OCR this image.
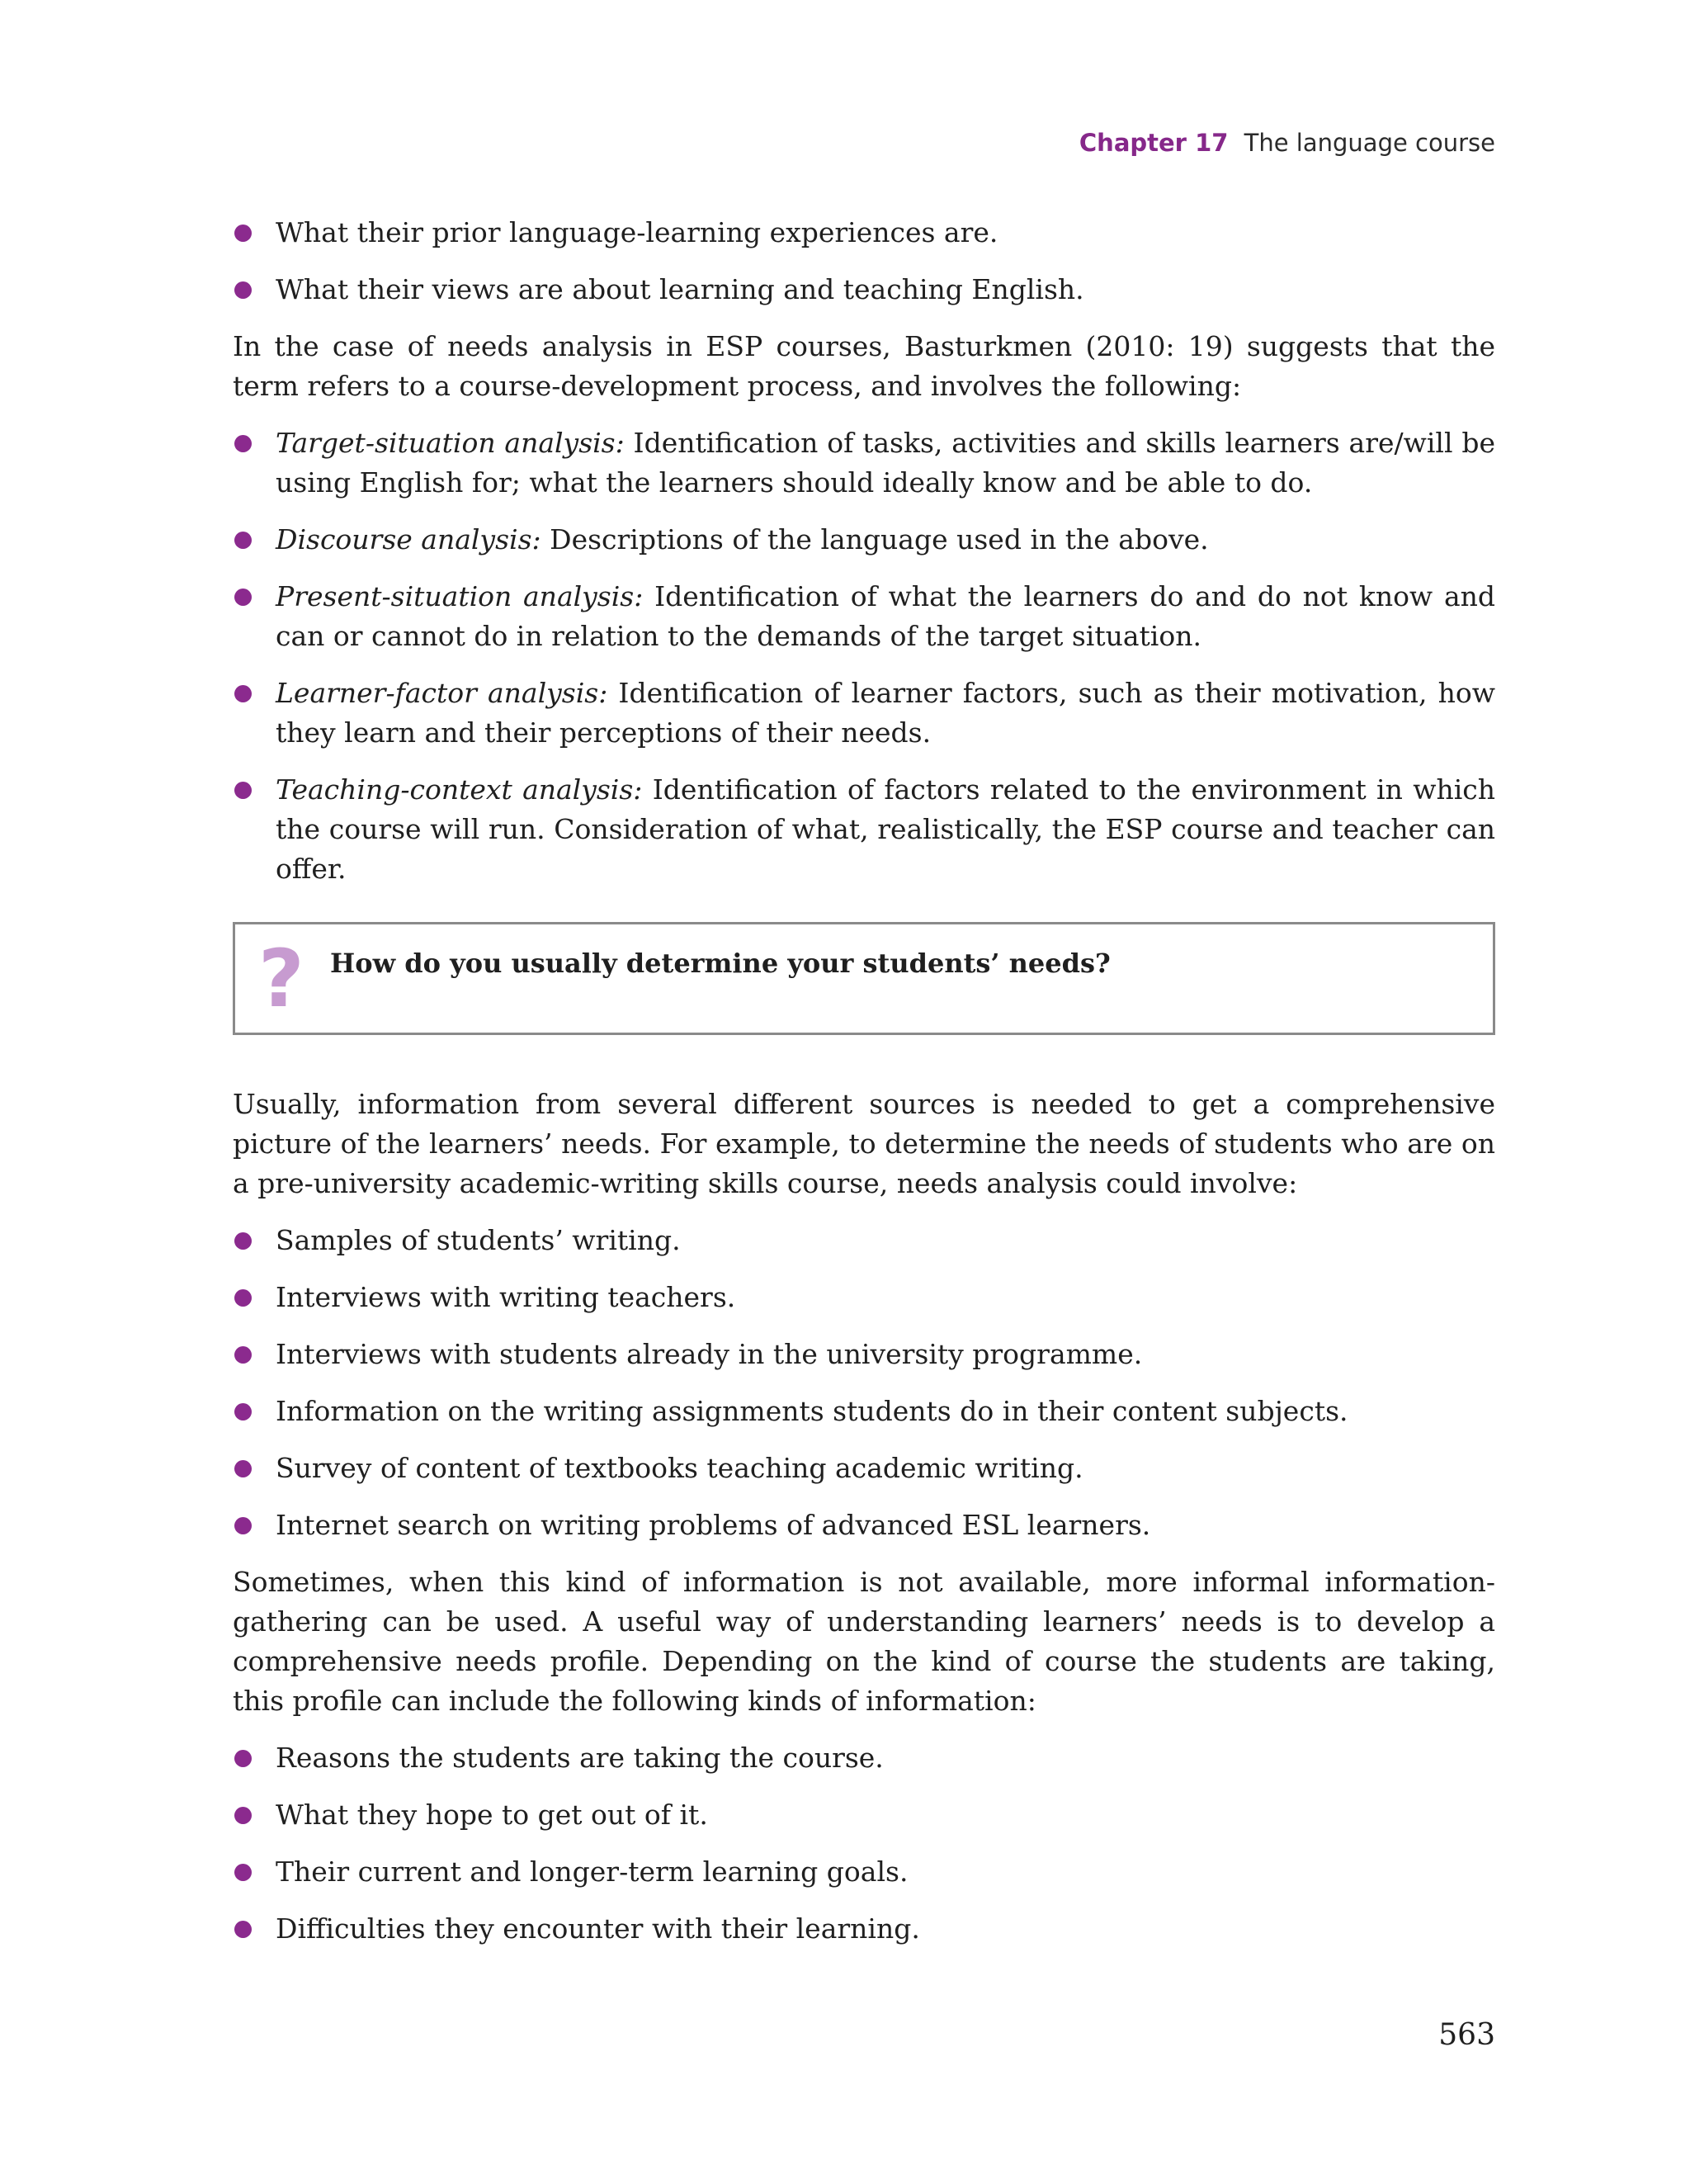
Chapter 17 The language course
What their prior language-learning experiences are.
What their views are about learning and teaching English.

In the case of needs analysis in ESP courses, Basturkmen (2010: 19) suggests that the term refers to a course-development process, and involves the following:

Target-situation analysis: Identification of tasks, activities and skills learners are/will be using English for; what the learners should ideally know and be able to do.
Discourse analysis: Descriptions of the language used in the above.
Present-situation analysis: Identification of what the learners do and do not know and can or cannot do in relation to the demands of the target situation.
Learner-factor analysis: Identification of learner factors, such as their motivation, how they learn and their perceptions of their needs.
Teaching-context analysis: Identification of factors related to the environment in which the course will run. Consideration of what, realistically, the ESP course and teacher can offer.
? How do you usually determine your students’ needs?

Usually, information from several different sources is needed to get a comprehensive picture of the learners’ needs. For example, to determine the needs of students who are on a pre-university academic-writing skills course, needs analysis could involve:

Samples of students’ writing.
Interviews with writing teachers.
Interviews with students already in the university programme.
Information on the writing assignments students do in their content subjects.
Survey of content of textbooks teaching academic writing.
Internet search on writing problems of advanced ESL learners.

Sometimes, when this kind of information is not available, more informal information-gathering can be used. A useful way of understanding learners’ needs is to develop a comprehensive needs profile. Depending on the kind of course the students are taking, this profile can include the following kinds of information:

Reasons the students are taking the course.
What they hope to get out of it.
Their current and longer-term learning goals.
Difficulties they encounter with their learning.
563
